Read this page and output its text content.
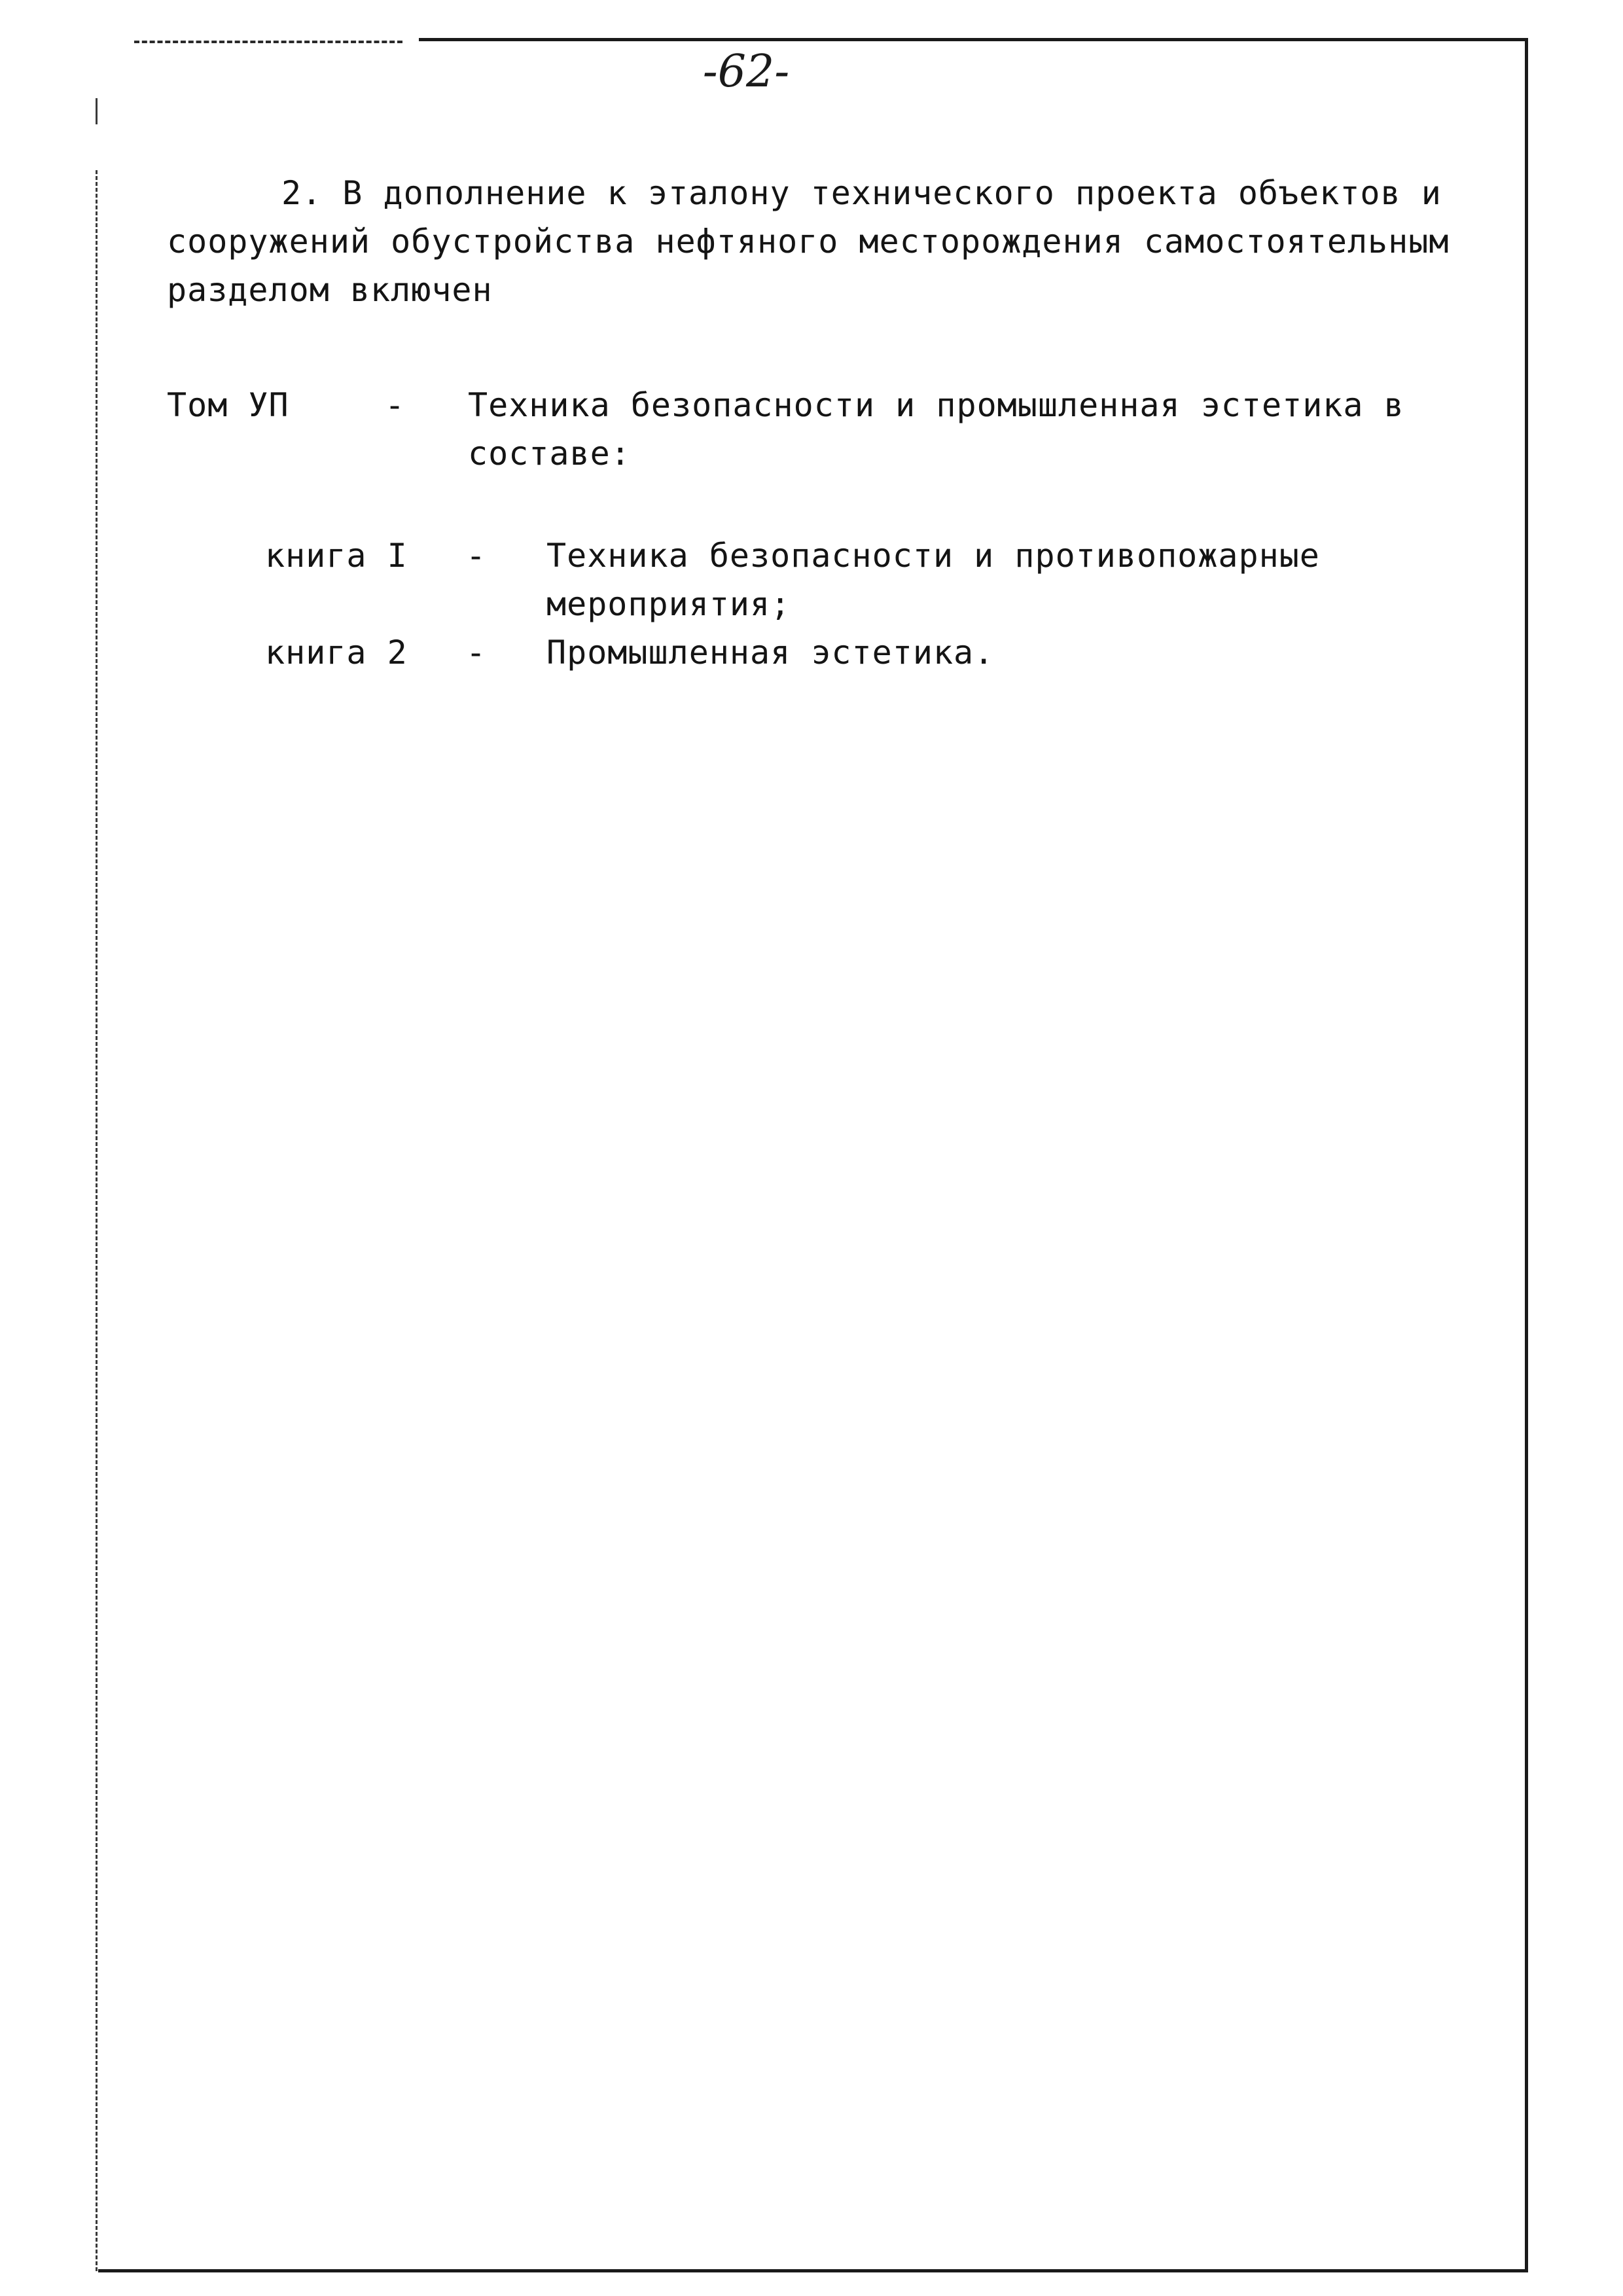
-62-
2. В дополнение к эталону технического проекта объектов и
сооружений обустройства нефтяного месторождения самостоятельным
разделом включен
Том УП	- Техника безопасности и промышленная эстетика в
составе:
книга I - Техника безопасности и противопожарные
мероприятия;
книга 2 - Промышленная эстетика.
